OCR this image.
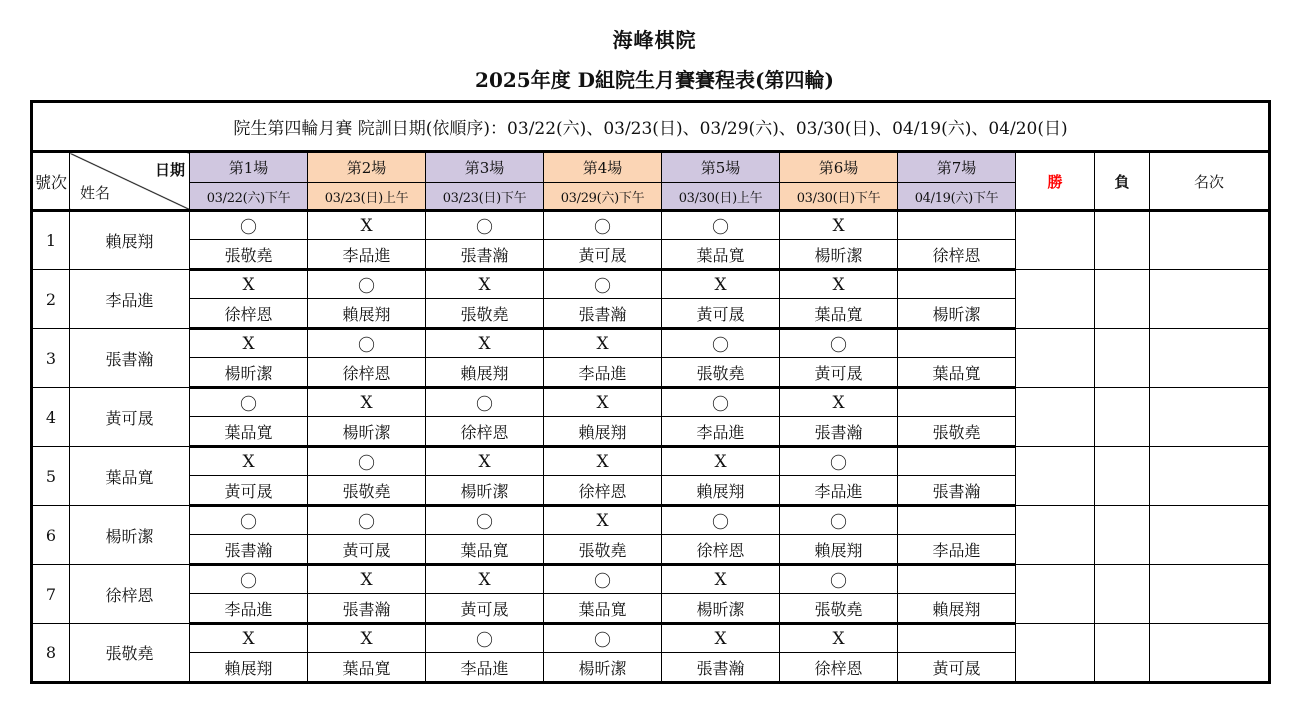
海峰棋院
2025年度 D組院生月賽賽程表(第四輪)
院生第四輪月賽 院訓日期(依順序)：03/22(六)、03/23(日)、03/29(六)、03/30(日)、04/19(六)、04/20(日)											
號次	日期
姓名	第1場	第2場	第3場	第4場	第5場	第6場	第7場	勝	負	名次
		03/22(六)下午	03/23(日)上午	03/23(日)下午	03/29(六)下午	03/30(日)上午	03/30(日)下午	04/19(六)下午			
1	賴展翔	〇	X	〇	〇	〇	X				
		張敬堯	李品進	張書瀚	黃可晟	葉品寬	楊昕潔	徐梓恩			
2	李品進	X	〇	X	〇	X	X				
		徐梓恩	賴展翔	張敬堯	張書瀚	黃可晟	葉品寬	楊昕潔			
3	張書瀚	X	〇	X	X	〇	〇				
		楊昕潔	徐梓恩	賴展翔	李品進	張敬堯	黃可晟	葉品寬			
4	黃可晟	〇	X	〇	X	〇	X				
		葉品寬	楊昕潔	徐梓恩	賴展翔	李品進	張書瀚	張敬堯			
5	葉品寬	X	〇	X	X	X	〇				
		黃可晟	張敬堯	楊昕潔	徐梓恩	賴展翔	李品進	張書瀚			
6	楊昕潔	〇	〇	〇	X	〇	〇				
		張書瀚	黃可晟	葉品寬	張敬堯	徐梓恩	賴展翔	李品進			
7	徐梓恩	〇	X	X	〇	X	〇				
		李品進	張書瀚	黃可晟	葉品寬	楊昕潔	張敬堯	賴展翔			
8	張敬堯	X	X	〇	〇	X	X				
		賴展翔	葉品寬	李品進	楊昕潔	張書瀚	徐梓恩	黃可晟			
